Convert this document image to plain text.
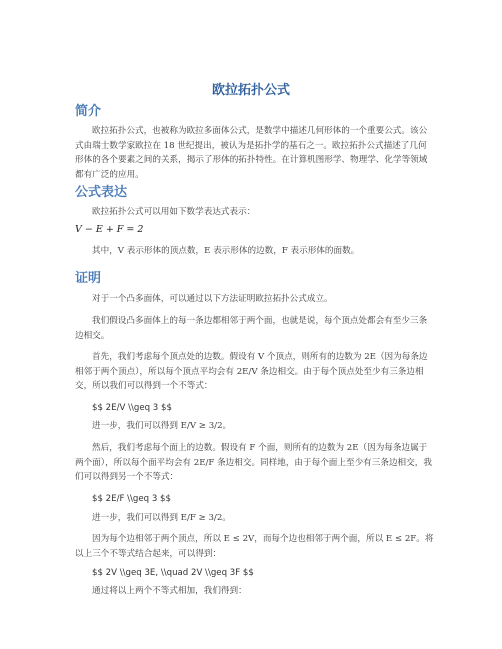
欧拉拓扑公式
简介
欧拉拓扑公式，也被称为欧拉多面体公式，是数学中描述几何形体的一个重要公式。该公式由瑞士数学家欧拉在 18 世纪提出，被认为是拓扑学的基石之一。欧拉拓扑公式描述了几何形体的各个要素之间的关系，揭示了形体的拓扑特性。在计算机图形学、物理学、化学等领域都有广泛的应用。
公式表达
欧拉拓扑公式可以用如下数学表达式表示：
V − E + F = 2
其中，V 表示形体的顶点数，E 表示形体的边数，F 表示形体的面数。
证明
对于一个凸多面体，可以通过以下方法证明欧拉拓扑公式成立。
我们假设凸多面体上的每一条边都相邻于两个面，也就是说，每个顶点处都会有至少三条边相交。
首先，我们考虑每个顶点处的边数。假设有 V 个顶点，则所有的边数为 2E（因为每条边相邻于两个顶点），所以每个顶点平均会有 2E/V 条边相交。由于每个顶点处至少有三条边相交，所以我们可以得到一个不等式：
$$ 2E/V \\geq 3 $$
进一步，我们可以得到 E/V ≥ 3/2。
然后，我们考虑每个面上的边数。假设有 F 个面，则所有的边数为 2E（因为每条边属于两个面），所以每个面平均会有 2E/F 条边相交。同样地，由于每个面上至少有三条边相交，我们可以得到另一个不等式：
$$ 2E/F \\geq 3 $$
进一步，我们可以得到 E/F ≥ 3/2。
因为每个边相邻于两个顶点，所以 E ≤ 2V，而每个边也相邻于两个面，所以 E ≤ 2F。将以上三个不等式结合起来，可以得到：
$$ 2V \\geq 3E, \\quad 2V \\geq 3F $$
通过将以上两个不等式相加，我们得到：
